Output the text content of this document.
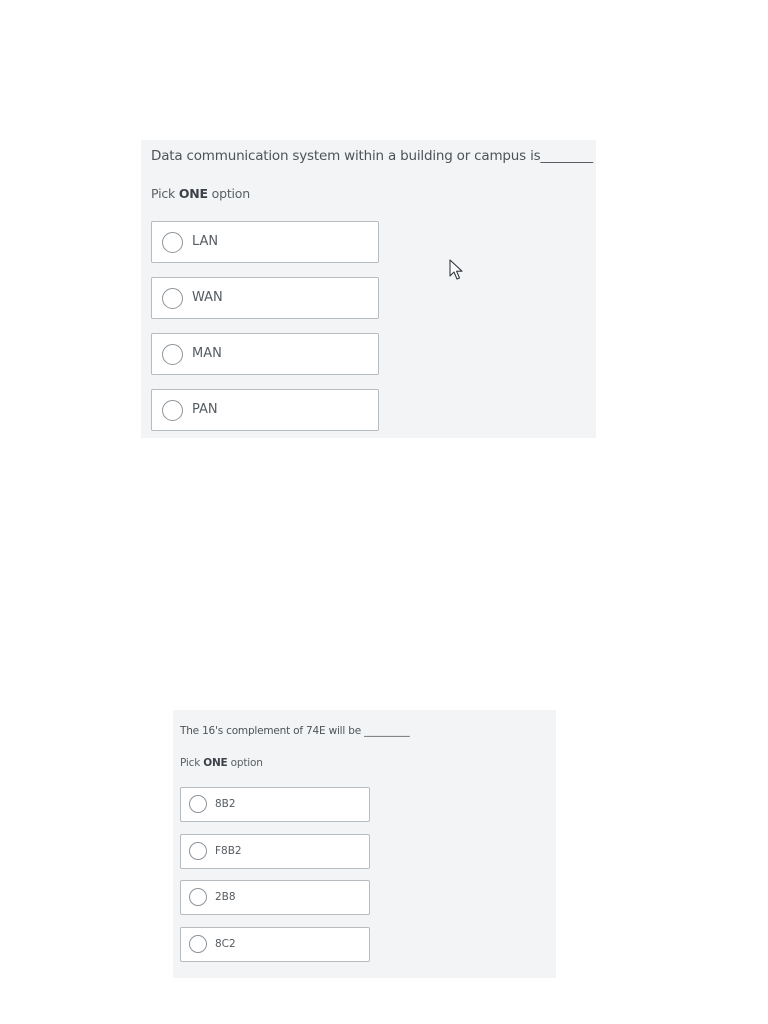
Data communication system within a building or campus is________
Pick ONE option
LAN
WAN
MAN
PAN
The 16's complement of 74E will be _________
Pick ONE option
8B2
F8B2
2B8
8C2
